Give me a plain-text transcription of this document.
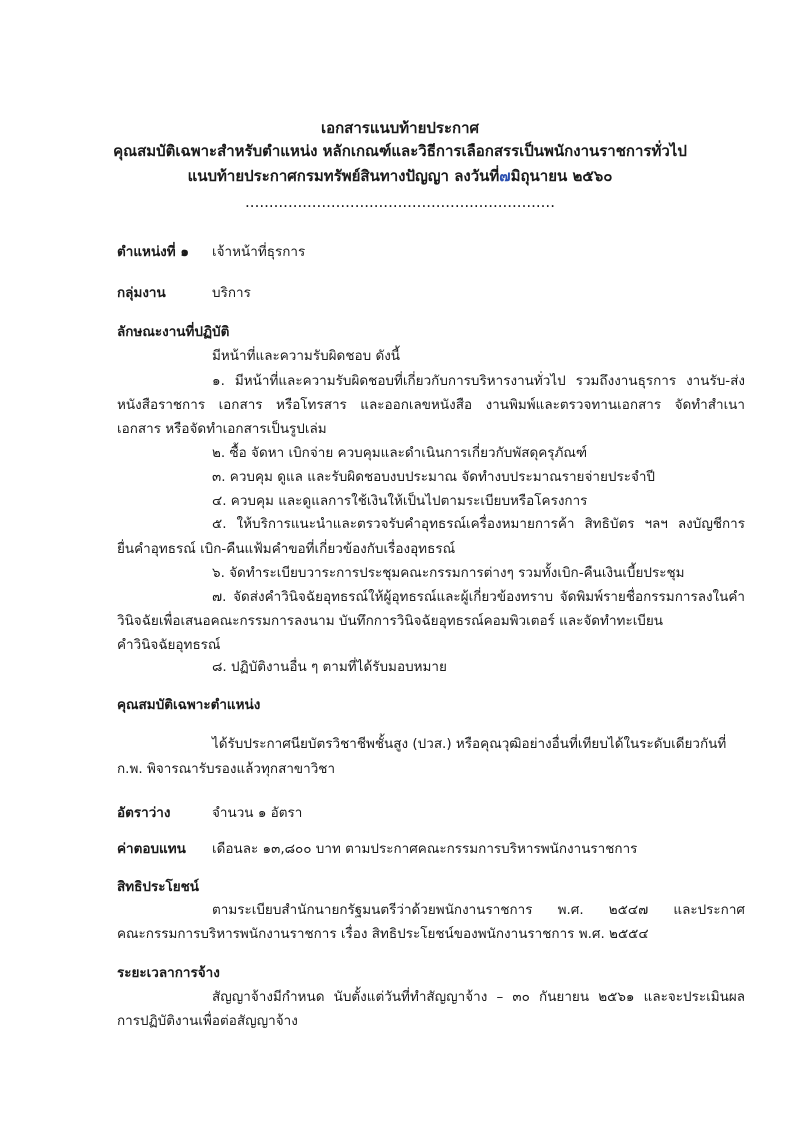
เอกสารแนบท้ายประกาศ
คุณสมบัติเฉพาะสำหรับตำแหน่ง หลักเกณฑ์และวิธีการเลือกสรรเป็นพนักงานราชการทั่วไป
แนบท้ายประกาศกรมทรัพย์สินทางปัญญา ลงวันที่๗มิถุนายน ๒๕๖๐
.................................................................
ตำแหน่งที่ ๑ เจ้าหน้าที่ธุรการ
กลุ่มงาน	บริการ
ลักษณะงานที่ปฏิบัติ
มีหน้าที่และความรับผิดชอบ ดังนี้
๑. มีหน้าที่และความรับผิดชอบที่เกี่ยวกับการบริหารงานทั่วไป รวมถึงงานธุรการ งานรับ-ส่ง
หนังสือราชการ เอกสาร หรือโทรสาร และออกเลขหนังสือ งานพิมพ์และตรวจทานเอกสาร จัดทำสำเนา
เอกสาร หรือจัดทำเอกสารเป็นรูปเล่ม
๒. ซื้อ จัดหา เบิกจ่าย ควบคุมและดำเนินการเกี่ยวกับพัสดุครุภัณฑ์
๓. ควบคุม ดูแล และรับผิดชอบงบประมาณ จัดทำงบประมาณรายจ่ายประจำปี
๔. ควบคุม และดูแลการใช้เงินให้เป็นไปตามระเบียบหรือโครงการ
๕. ให้บริการแนะนำและตรวจรับคำอุทธรณ์เครื่องหมายการค้า สิทธิบัตร ฯลฯ ลงบัญชีการ
ยื่นคำอุทธรณ์ เบิก-คืนแฟ้มคำขอที่เกี่ยวข้องกับเรื่องอุทธรณ์
๖. จัดทำระเบียบวาระการประชุมคณะกรรมการต่างๆ รวมทั้งเบิก-คืนเงินเบี้ยประชุม
๗. จัดส่งคำวินิจฉัยอุทธรณ์ให้ผู้อุทธรณ์และผู้เกี่ยวข้องทราบ จัดพิมพ์รายชื่อกรรมการลงในคำ
วินิจฉัยเพื่อเสนอคณะกรรมการลงนาม บันทึกการวินิจฉัยอุทธรณ์คอมพิวเตอร์ และจัดทำทะเบียน
คำวินิจฉัยอุทธรณ์
๘. ปฏิบัติงานอื่น ๆ ตามที่ได้รับมอบหมาย
คุณสมบัติเฉพาะตำแหน่ง
ได้รับประกาศนียบัตรวิชาชีพชั้นสูง (ปวส.) หรือคุณวุฒิอย่างอื่นที่เทียบได้ในระดับเดียวกันที่
ก.พ. พิจารณารับรองแล้วทุกสาขาวิชา
อัตราว่าง	จำนวน ๑ อัตรา
ค่าตอบแทน เดือนละ ๑๓,๘๐๐ บาท ตามประกาศคณะกรรมการบริหารพนักงานราชการ
สิทธิประโยชน์
ตามระเบียบสำนักนายกรัฐมนตรีว่าด้วยพนักงานราชการ พ.ศ. ๒๕๔๗ และประกาศ
คณะกรรมการบริหารพนักงานราชการ เรื่อง สิทธิประโยชน์ของพนักงานราชการ พ.ศ. ๒๕๕๔
ระยะเวลาการจ้าง
สัญญาจ้างมีกำหนด นับตั้งแต่วันที่ทำสัญญาจ้าง – ๓๐ กันยายน ๒๕๖๑ และจะประเมินผล
การปฏิบัติงานเพื่อต่อสัญญาจ้าง
